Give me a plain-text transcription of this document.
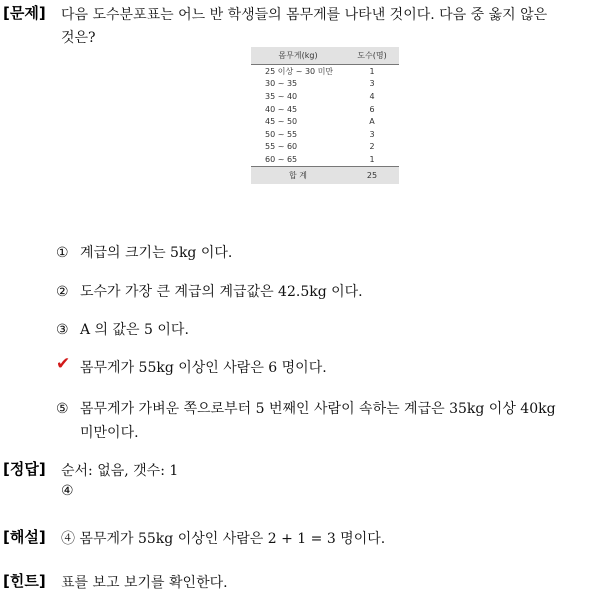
[문제] 다음 도수분포표는 어느 반 학생들의 몸무게를 나타낸 것이다. 다음 중 옳지 않은
것은?
몸무게(kg)	도수(명)
25 이상 ~ 30 미만	1
30 ~ 35	3
35 ~ 40	4
40 ~ 45	6
45 ~ 50	A
50 ~ 55	3
55 ~ 60	2
60 ~ 65	1
합 계	25
① 계급의 크기는 5kg 이다.
② 도수가 가장 큰 계급의 계급값은 42.5kg 이다.
③ A 의 값은 5 이다.
✔ 몸무게가 55kg 이상인 사람은 6 명이다.
⑤ 몸무게가 가벼운 쪽으로부터 5 번째인 사람이 속하는 계급은 35kg 이상 40kg
미만이다.
[정답] 순서: 없음, 갯수: 1
④
[해설] ④ 몸무게가 55kg 이상인 사람은 2 + 1 = 3 명이다.
[힌트] 표를 보고 보기를 확인한다.
